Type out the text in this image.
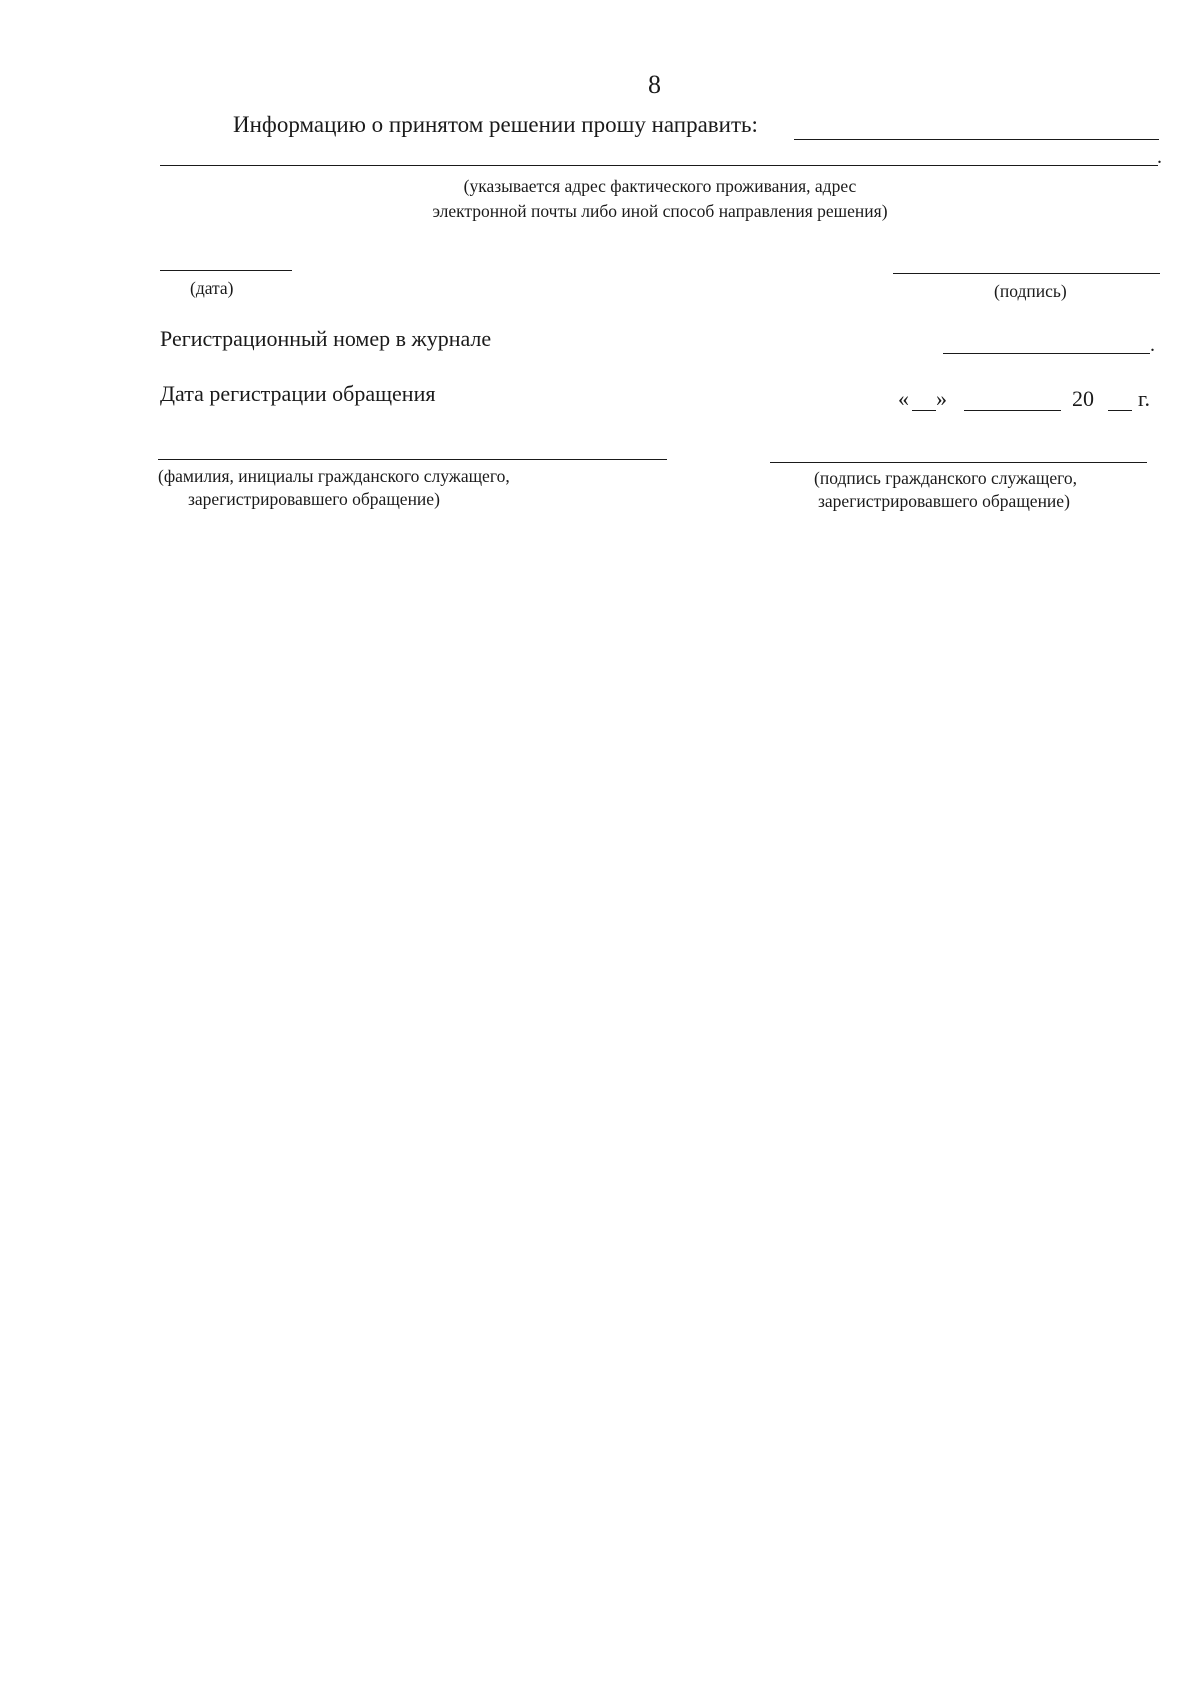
8
Информацию о принятом решении прошу направить:
.
(указывается адрес фактического проживания, адрес
электронной почты либо иной способ направления решения)
(дата)	(подпись)
Регистрационный номер в журнале	.
Дата регистрации обращения	« »	20 г.
(фамилия, инициалы гражданского служащего,
зарегистрировавшего обращение)
(подпись гражданского служащего,
зарегистрировавшего обращение)
